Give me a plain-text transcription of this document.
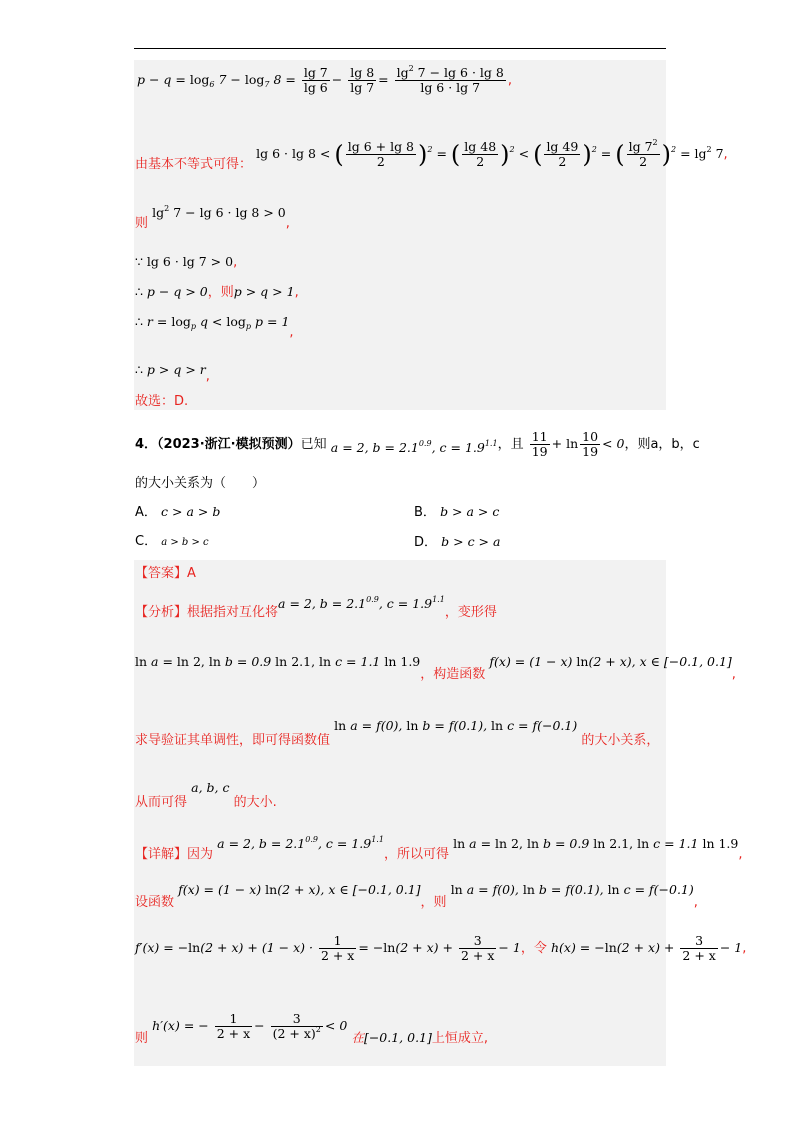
$p - q = \log_6 7 - \log_7 8 = \frac{\lg 7}{\lg 6} - \frac{\lg 8}{\lg 7} = \frac{\lg^2 7 - \lg 6 \cdot \lg 8}{\lg 6 \cdot \lg 7}$ ,
由基本不等式可得： lg 6 · lg 8 < ( $\frac{\lg 6 + \lg 8}{2} )^2$ = ( $\frac{\lg 48}{2} )^2$ < ( $\frac{\lg 49}{2} )^2$ = ( $\frac{\lg 7^2}{2} )^2 = \lg^2 7$,
则 $\lg^2 7 - \lg 6 \cdot \lg 8 > 0$,
∵ lg 6 · lg 7 > 0,
∴ p − q > 0，则p > q > 1,
∴ $r = \log_p q < \log_p p = 1$,
∴ p > q > r,
故选：D.
4．（2023·浙江·模拟预测）已知 a = 2, $b = 2.1^{0.9}$, $c = 1.9^{1.1}$，且 $\frac{11}{19} + \ln \frac{10}{19} < 0$，则a，b，c
的大小关系为（　　）
A． c > a > b	B． b > a > c
C． a > b > c	D． b > c > a
【答案】A
【分析】根据指对互化将a = 2, $b = 2.1^{0.9}$, $c = 1.9^{1.1}$，变形得
ln a = ln 2, ln b = 0.9 ln 2.1, ln c = 1.1 ln 1.9，构造函数 f(x) = (1 − x) ln(2 + x), x ∈ [−0.1, 0.1],
求导验证其单调性，即可得函数值 ln a = f(0), ln b = f(0.1), ln c = f(−0.1) 的大小关系，
从而可得 a, b, c 的大小.
【详解】因为 a = 2, $b = 2.1^{0.9}$, $c = 1.9^{1.1}$，所以可得 ln a = ln 2, ln b = 0.9 ln 2.1, ln c = 1.1 ln 1.9,
设函数 f(x) = (1 − x) ln(2 + x), x ∈ [−0.1, 0.1]，则 ln a = f(0), ln b = f(0.1), ln c = f(−0.1),
$f'(x) = -\ln(2 + x) + (1 - x) \cdot \frac{1}{2 + x} = -\ln(2 + x) + \frac{3}{2 + x} - 1$，令 $h(x) = -\ln(2 + x) + \frac{3}{2 + x} - 1$,
则 h′(x) = − $\frac{1}{2 + x} - \frac{3}{(2 + x)^2} < 0$ 在[−0.1, 0.1]上恒成立,
